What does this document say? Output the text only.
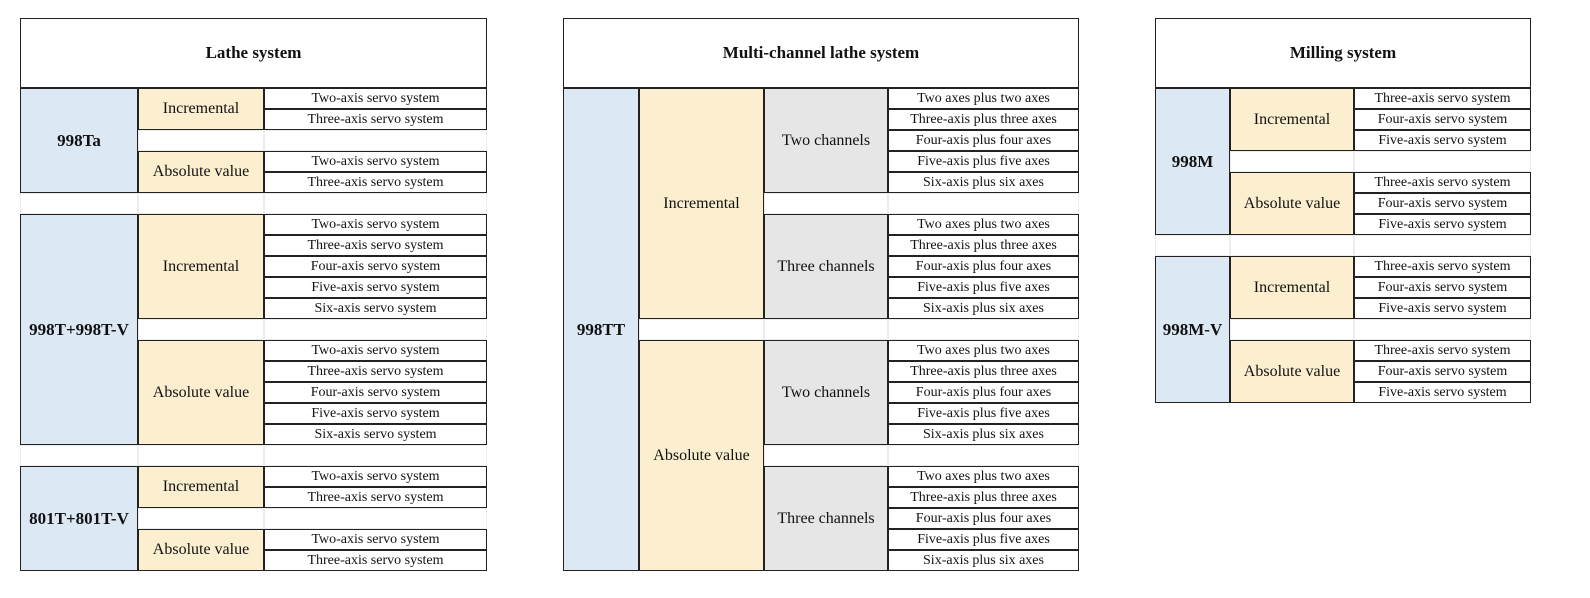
Lathe system
Two-axis servo system
Three-axis servo system
Incremental
Two-axis servo system
Three-axis servo system
Absolute value
998Ta
Two-axis servo system
Three-axis servo system
Four-axis servo system
Five-axis servo system
Six-axis servo system
Incremental
Two-axis servo system
Three-axis servo system
Four-axis servo system
Five-axis servo system
Six-axis servo system
Absolute value
998T+998T-V
Two-axis servo system
Three-axis servo system
Incremental
Two-axis servo system
Three-axis servo system
Absolute value
801T+801T-V
Multi-channel lathe system
Two axes plus two axes
Three-axis plus three axes
Four-axis plus four axes
Five-axis plus five axes
Six-axis plus six axes
Two channels
Two axes plus two axes
Three-axis plus three axes
Four-axis plus four axes
Five-axis plus five axes
Six-axis plus six axes
Three channels
Incremental
Two axes plus two axes
Three-axis plus three axes
Four-axis plus four axes
Five-axis plus five axes
Six-axis plus six axes
Two channels
Two axes plus two axes
Three-axis plus three axes
Four-axis plus four axes
Five-axis plus five axes
Six-axis plus six axes
Three channels
Absolute value
998TT
Milling system
Three-axis servo system
Four-axis servo system
Five-axis servo system
Incremental
Three-axis servo system
Four-axis servo system
Five-axis servo system
Absolute value
998M
Three-axis servo system
Four-axis servo system
Five-axis servo system
Incremental
Three-axis servo system
Four-axis servo system
Five-axis servo system
Absolute value
998M-V
